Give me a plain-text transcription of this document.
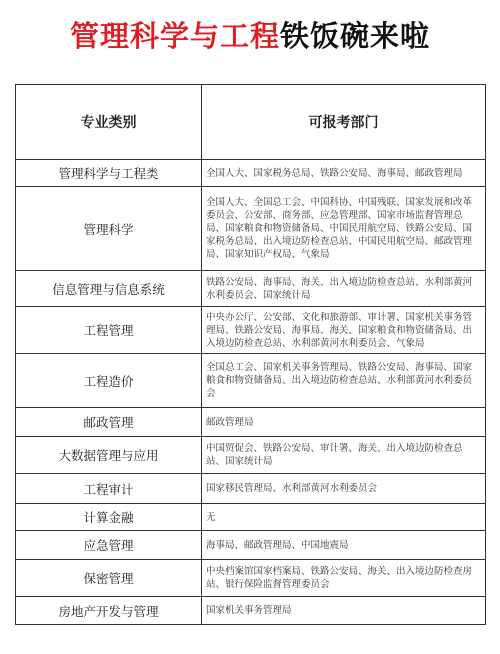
管理科学与工程铁饭碗来啦
专业类别	可报考部门
管理科学与工程类	全国人大、国家税务总局、铁路公安局、海事局、邮政管理局
管理科学	全国人大、全国总工会、中国科协、中国残联、国家发展和改革委员会、公安部、商务部、应急管理部、国家市场监督管理总局、国家粮食和物资储备局、中国民用航空局、铁路公安局、国家税务总局、出入境边防检查总站、中国民用航空局、邮政管理局、国家知识产权局、气象局
信息管理与信息系统	铁路公安局、海事局、海关、出入境边防检查总站、水利部黄河水利委员会、国家统计局
工程管理	中央办公厅、公安部、文化和旅游部、审计署、国家机关事务管理局、铁路公安局、海事局、海关、国家粮食和物资储备局、出入境边防检查总站、水利部黄河水利委员会、气象局
工程造价	全国总工会、国家机关事务管理局、铁路公安局、海事局、国家粮食和物资储备局、出入境边防检查总站、水利部黄河水利委员会
邮政管理	邮政管理局
大数据管理与应用	中国贸促会、铁路公安局、审计署、海关、出入境边防检查总站、国家统计局
工程审计	国家移民管理局、水利部黄河水利委员会
计算金融	无
应急管理	海事局、邮政管理局、中国地震局
保密管理	中央档案馆国家档案局、铁路公安局、海关、出入境边防检查房站、银行保险监督管理委员会
房地产开发与管理	国家机关事务管理局
